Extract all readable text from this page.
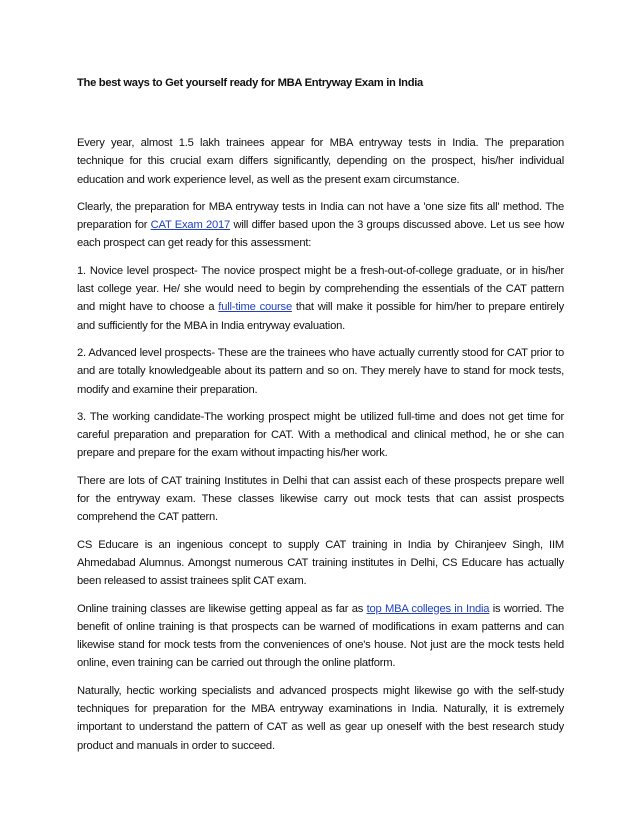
The best ways to Get yourself ready for MBA Entryway Exam in India

Every year, almost 1.5 lakh trainees appear for MBA entryway tests in India. The preparation technique for this crucial exam differs significantly, depending on the prospect, his/her individual education and work experience level, as well as the present exam circumstance.

Clearly, the preparation for MBA entryway tests in India can not have a 'one size fits all' method. The preparation for CAT Exam 2017 will differ based upon the 3 groups discussed above. Let us see how each prospect can get ready for this assessment:

1. Novice level prospect- The novice prospect might be a fresh-out-of-college graduate, or in his/her last college year. He/ she would need to begin by comprehending the essentials of the CAT pattern and might have to choose a full-time course that will make it possible for him/her to prepare entirely and sufficiently for the MBA in India entryway evaluation.

2. Advanced level prospects- These are the trainees who have actually currently stood for CAT prior to and are totally knowledgeable about its pattern and so on. They merely have to stand for mock tests, modify and examine their preparation.

3. The working candidate-The working prospect might be utilized full-time and does not get time for careful preparation and preparation for CAT. With a methodical and clinical method, he or she can prepare and prepare for the exam without impacting his/her work.

There are lots of CAT training Institutes in Delhi that can assist each of these prospects prepare well for the entryway exam. These classes likewise carry out mock tests that can assist prospects comprehend the CAT pattern.

CS Educare is an ingenious concept to supply CAT training in India by Chiranjeev Singh, IIM Ahmedabad Alumnus. Amongst numerous CAT training institutes in Delhi, CS Educare has actually been released to assist trainees split CAT exam.

Online training classes are likewise getting appeal as far as top MBA colleges in India is worried. The benefit of online training is that prospects can be warned of modifications in exam patterns and can likewise stand for mock tests from the conveniences of one's house. Not just are the mock tests held online, even training can be carried out through the online platform.

Naturally, hectic working specialists and advanced prospects might likewise go with the self-study techniques for preparation for the MBA entryway examinations in India. Naturally, it is extremely important to understand the pattern of CAT as well as gear up oneself with the best research study product and manuals in order to succeed.
